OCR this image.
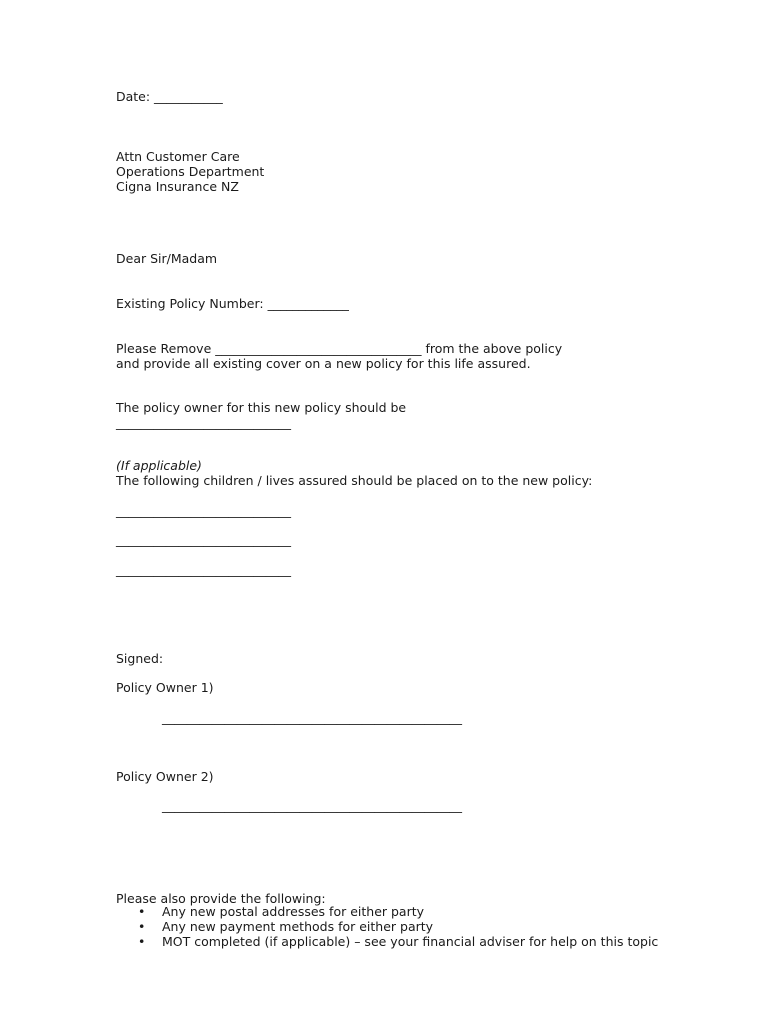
Date: ___________

Attn Customer Care

Operations Department

Cigna Insurance NZ

Dear Sir/Madam

Existing Policy Number: _____________

Please Remove _________________________________ from the above policy

and provide all existing cover on a new policy for this life assured.

The policy owner for this new policy should be

____________________________

(If applicable)

The following children / lives assured should be placed on to the new policy:

____________________________

____________________________

____________________________

Signed:

Policy Owner 1)

________________________________________________

Policy Owner 2)

________________________________________________

Please also provide the following:

• Any new postal addresses for either party
• Any new payment methods for either party
• MOT completed (if applicable) – see your financial adviser for help on this topic
